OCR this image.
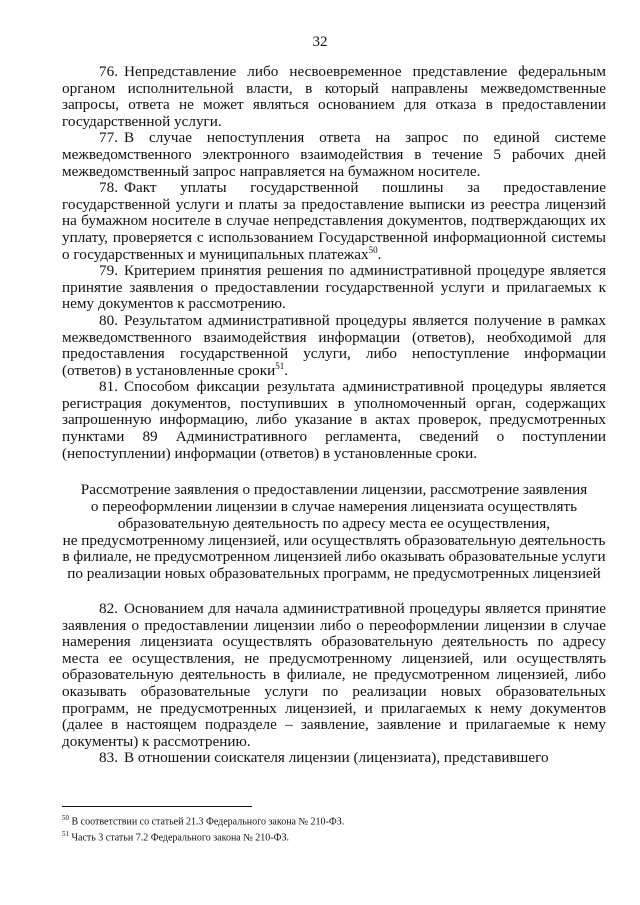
32

76. Непредставление либо несвоевременное представление федеральным органом исполнительной власти, в который направлены межведомственные запросы, ответа не может являться основанием для отказа в предоставлении государственной услуги.

77. В случае непоступления ответа на запрос по единой системе межведомственного электронного взаимодействия в течение 5 рабочих дней межведомственный запрос направляется на бумажном носителе.

78. Факт уплаты государственной пошлины за предоставление государственной услуги и платы за предоставление выписки из реестра лицензий на бумажном носителе в случае непредставления документов, подтверждающих их уплату, проверяется с использованием Государственной информационной системы о государственных и муниципальных платежах$^{50}$.

79. Критерием принятия решения по административной процедуре является принятие заявления о предоставлении государственной услуги и прилагаемых к нему документов к рассмотрению.

80. Результатом административной процедуры является получение в рамках межведомственного взаимодействия информации (ответов), необходимой для предоставления государственной услуги, либо непоступление информации (ответов) в установленные сроки$^{51}$.

81. Способом фиксации результата административной процедуры является регистрация документов, поступивших в уполномоченный орган, содержащих запрошенную информацию, либо указание в актах проверок, предусмотренных пунктами 89 Административного регламента, сведений о поступлении (непоступлении) информации (ответов) в установленные сроки.

Рассмотрение заявления о предоставлении лицензии, рассмотрение заявления
о переоформлении лицензии в случае намерения лицензиата осуществлять
образовательную деятельность по адресу места ее осуществления,
не предусмотренному лицензией, или осуществлять образовательную деятельность
в филиале, не предусмотренном лицензией либо оказывать образовательные услуги
по реализации новых образовательных программ, не предусмотренных лицензией

82. Основанием для начала административной процедуры является принятие заявления о предоставлении лицензии либо о переоформлении лицензии в случае намерения лицензиата осуществлять образовательную деятельность по адресу места ее осуществления, не предусмотренному лицензией, или осуществлять образовательную деятельность в филиале, не предусмотренном лицензией, либо оказывать образовательные услуги по реализации новых образовательных программ, не предусмотренных лицензией, и прилагаемых к нему документов (далее в настоящем подразделе – заявление, заявление и прилагаемые к нему документы) к рассмотрению.

83. В отношении соискателя лицензии (лицензиата), представившего

$^{50}$ В соответствии со статьей 21.3 Федерального закона № 210-ФЗ.
$^{51}$ Часть 3 статьи 7.2 Федерального закона № 210-ФЗ.
